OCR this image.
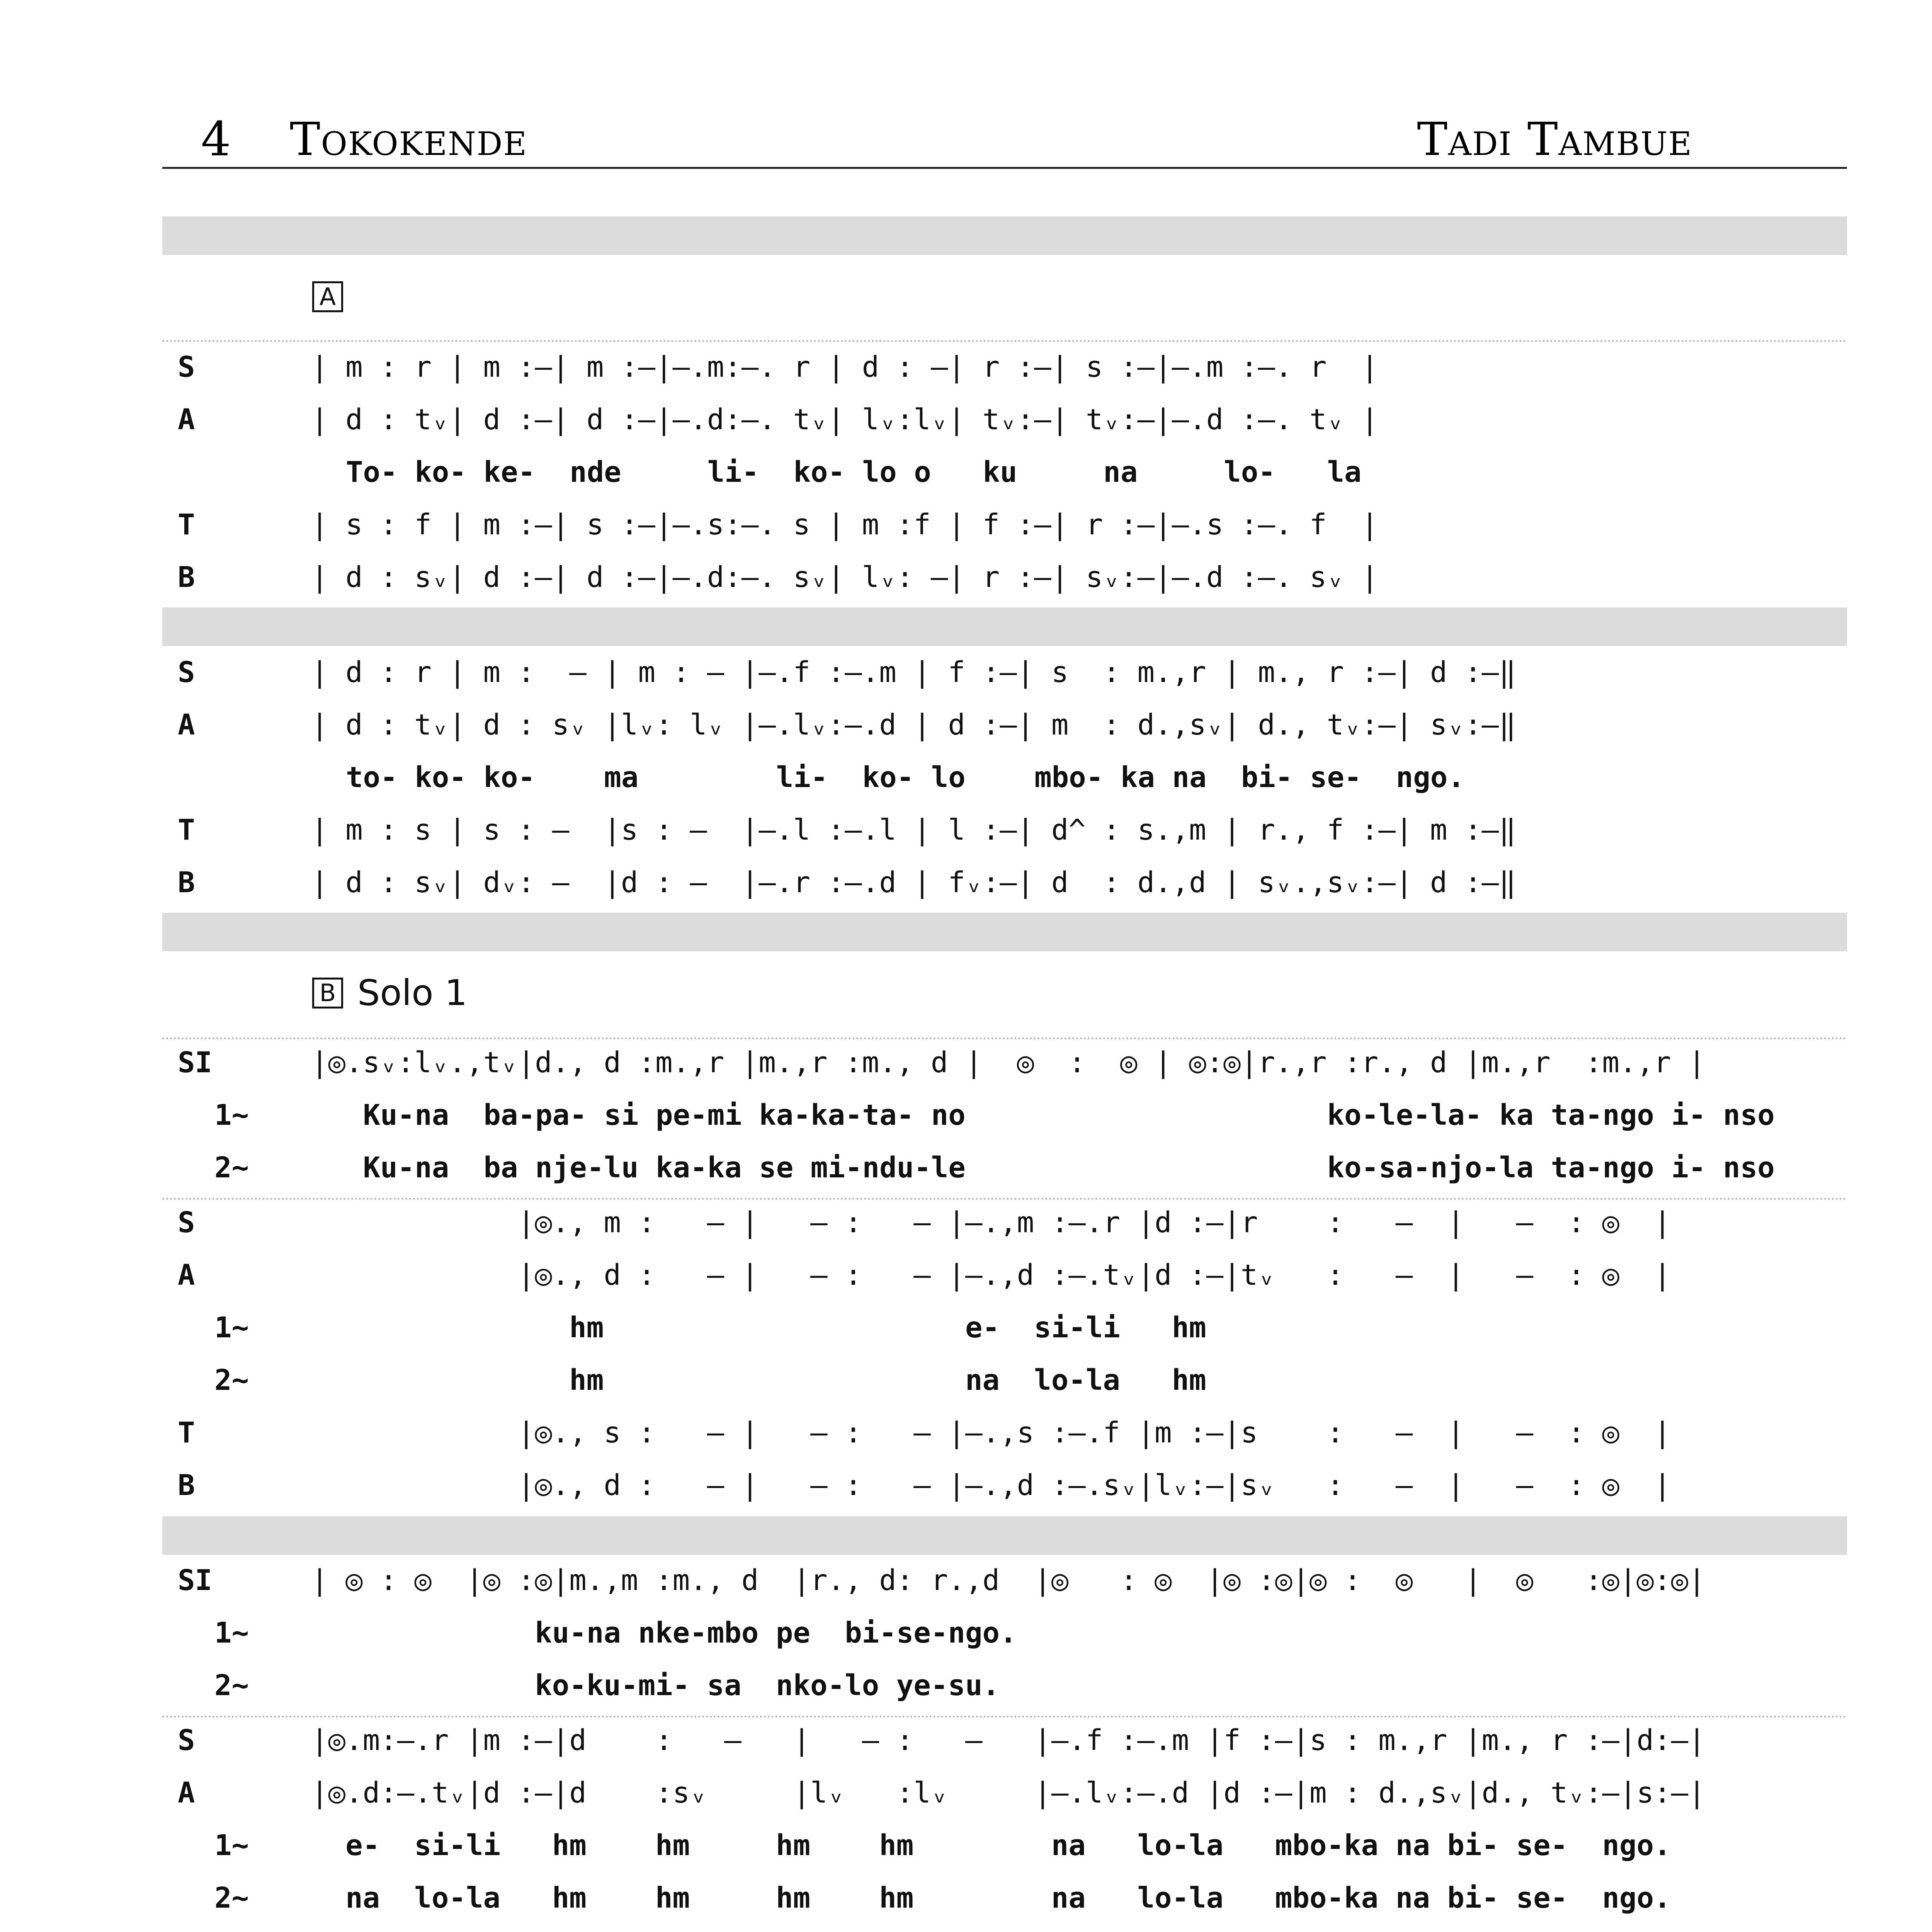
4 Tokokende	Tadi Tambue
A
S	| m : r | m :–| m :–|–.m:–. r | d : –| r :–| s :–|–.m :–. r  |
A	| d : tᵥ| d :–| d :–|–.d:–. tᵥ| lᵥ:lᵥ| tᵥ:–| tᵥ:–|–.d :–. tᵥ |
To- ko- ke-  nde     li-  ko- lo o   ku     na     lo-   la
T	| s : f | m :–| s :–|–.s:–. s | m :f | f :–| r :–|–.s :–. f  |
B	| d : sᵥ| d :–| d :–|–.d:–. sᵥ| lᵥ: –| r :–| sᵥ:–|–.d :–. sᵥ |
S	| d : r | m :  – | m : – |–.f :–.m | f :–| s  : m.,r | m., r :–| d :–‖
A	| d : tᵥ| d : sᵥ |lᵥ: lᵥ |–.lᵥ:–.d | d :–| m  : d.,sᵥ| d., tᵥ:–| sᵥ:–‖
to- ko- ko-    ma        li-  ko- lo    mbo- ka na  bi- se-  ngo.
T	| m : s | s : –  |s : –  |–.l :–.l | l :–| d^ : s.,m | r., f :–| m :–‖
B	| d : sᵥ| dᵥ: –  |d : –  |–.r :–.d | fᵥ:–| d  : d.,d | sᵥ.,sᵥ:–| d :–‖
B Solo 1
SI	|◎.sᵥ:lᵥ.,tᵥ|d., d :m.,r |m.,r :m., d |  ◎  :  ◎ | ◎:◎|r.,r :r., d |m.,r  :m.,r |
1~	Ku-na  ba-pa- si pe-mi ka-ka-ta- no                     ko-le-la- ka ta-ngo i- nso
2~	Ku-na  ba nje-lu ka-ka se mi-ndu-le                     ko-sa-njo-la ta-ngo i- nso
S	|◎., m :   – |   – :   – |–.,m :–.r |d :–|r    :   –  |   –  : ◎  |
A	|◎., d :   – |   – :   – |–.,d :–.tᵥ|d :–|tᵥ   :   –  |   –  : ◎  |
1~ hm                     e-  si-li   hm
2~ hm                     na  lo-la   hm
T	|◎., s :   – |   – :   – |–.,s :–.f |m :–|s    :   –  |   –  : ◎  |
B	|◎., d :   – |   – :   – |–.,d :–.sᵥ|lᵥ:–|sᵥ   :   –  |   –  : ◎  |
SI	| ◎ : ◎  |◎ :◎|m.,m :m., d  |r., d: r.,d  |◎   : ◎  |◎ :◎|◎ :  ◎   |  ◎   :◎|◎:◎|
1~ ku-na nke-mbo pe  bi-se-ngo.
2~ ko-ku-mi- sa  nko-lo ye-su.
S	|◎.m:–.r |m :–|d    :   –   |   – :   –   |–.f :–.m |f :–|s : m.,r |m., r :–|d:–|
A	|◎.d:–.tᵥ|d :–|d    :sᵥ     |lᵥ   :lᵥ     |–.lᵥ:–.d |d :–|m : d.,sᵥ|d., tᵥ:–|s:–|
1~ e-  si-li   hm    hm     hm    hm        na   lo-la   mbo-ka na bi- se-  ngo.
2~ na  lo-la   hm    hm     hm    hm        na   lo-la   mbo-ka na bi- se-  ngo.
